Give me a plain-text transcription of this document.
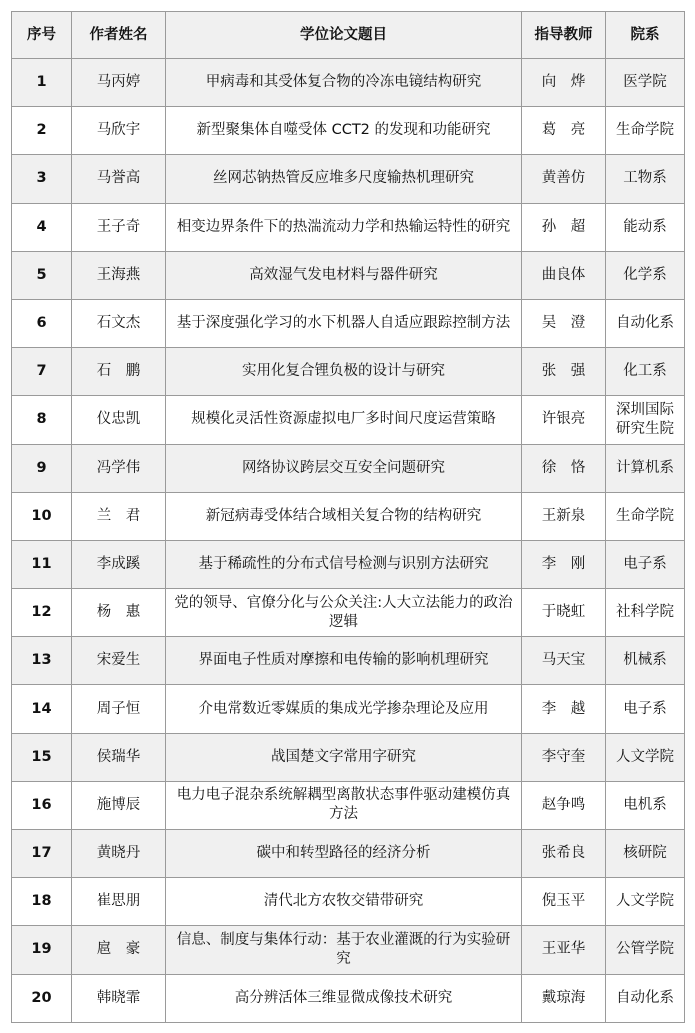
序号	作者姓名	学位论文题目	指导教师	院系
1	马丙婷	甲病毒和其受体复合物的冷冻电镜结构研究	向　烨	医学院
2	马欣宇	新型聚集体自噬受体 CCT2 的发现和功能研究	葛　亮	生命学院
3	马誉高	丝网芯钠热管反应堆多尺度输热机理研究	黄善仿	工物系
4	王子奇	相变边界条件下的热湍流动力学和热输运特性的研究	孙　超	能动系
5	王海燕	高效湿气发电材料与器件研究	曲良体	化学系
6	石文杰	基于深度强化学习的水下机器人自适应跟踪控制方法	吴　澄	自动化系
7	石　鹏	实用化复合锂负极的设计与研究	张　强	化工系
8	仪忠凯	规模化灵活性资源虚拟电厂多时间尺度运营策略	许银亮	深圳国际研究生院
9	冯学伟	网络协议跨层交互安全问题研究	徐　恪	计算机系
10	兰　君	新冠病毒受体结合域相关复合物的结构研究	王新泉	生命学院
11	李成蹊	基于稀疏性的分布式信号检测与识别方法研究	李　刚	电子系
12	杨　惠	党的领导、官僚分化与公众关注:人大立法能力的政治逻辑	于晓虹	社科学院
13	宋爱生	界面电子性质对摩擦和电传输的影响机理研究	马天宝	机械系
14	周子恒	介电常数近零媒质的集成光学掺杂理论及应用	李　越	电子系
15	侯瑞华	战国楚文字常用字研究	李守奎	人文学院
16	施博辰	电力电子混杂系统解耦型离散状态事件驱动建模仿真方法	赵争鸣	电机系
17	黄晓丹	碳中和转型路径的经济分析	张希良	核研院
18	崔思朋	清代北方农牧交错带研究	倪玉平	人文学院
19	扈　豪	信息、制度与集体行动：基于农业灌溉的行为实验研究	王亚华	公管学院
20	韩晓霏	高分辨活体三维显微成像技术研究	戴琼海	自动化系
